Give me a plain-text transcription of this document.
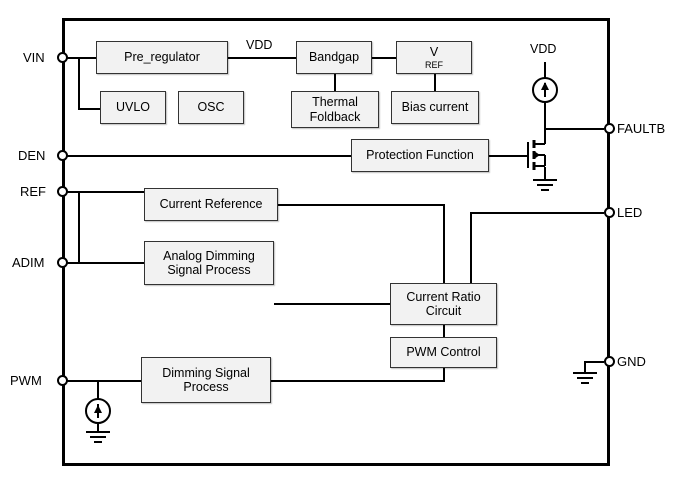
Pre_regulator	Bandgap	V
REF
UVLO	OSC	Thermal
Foldback
Bias current
Protection Function
Current Reference
Analog Dimming
Signal Process
Current Ratio
Circuit
PWM Control
Dimming Signal
Process
VIN
DEN
REF
ADIM
PWM
FAULTB
LED
GND
VDD	VDD
